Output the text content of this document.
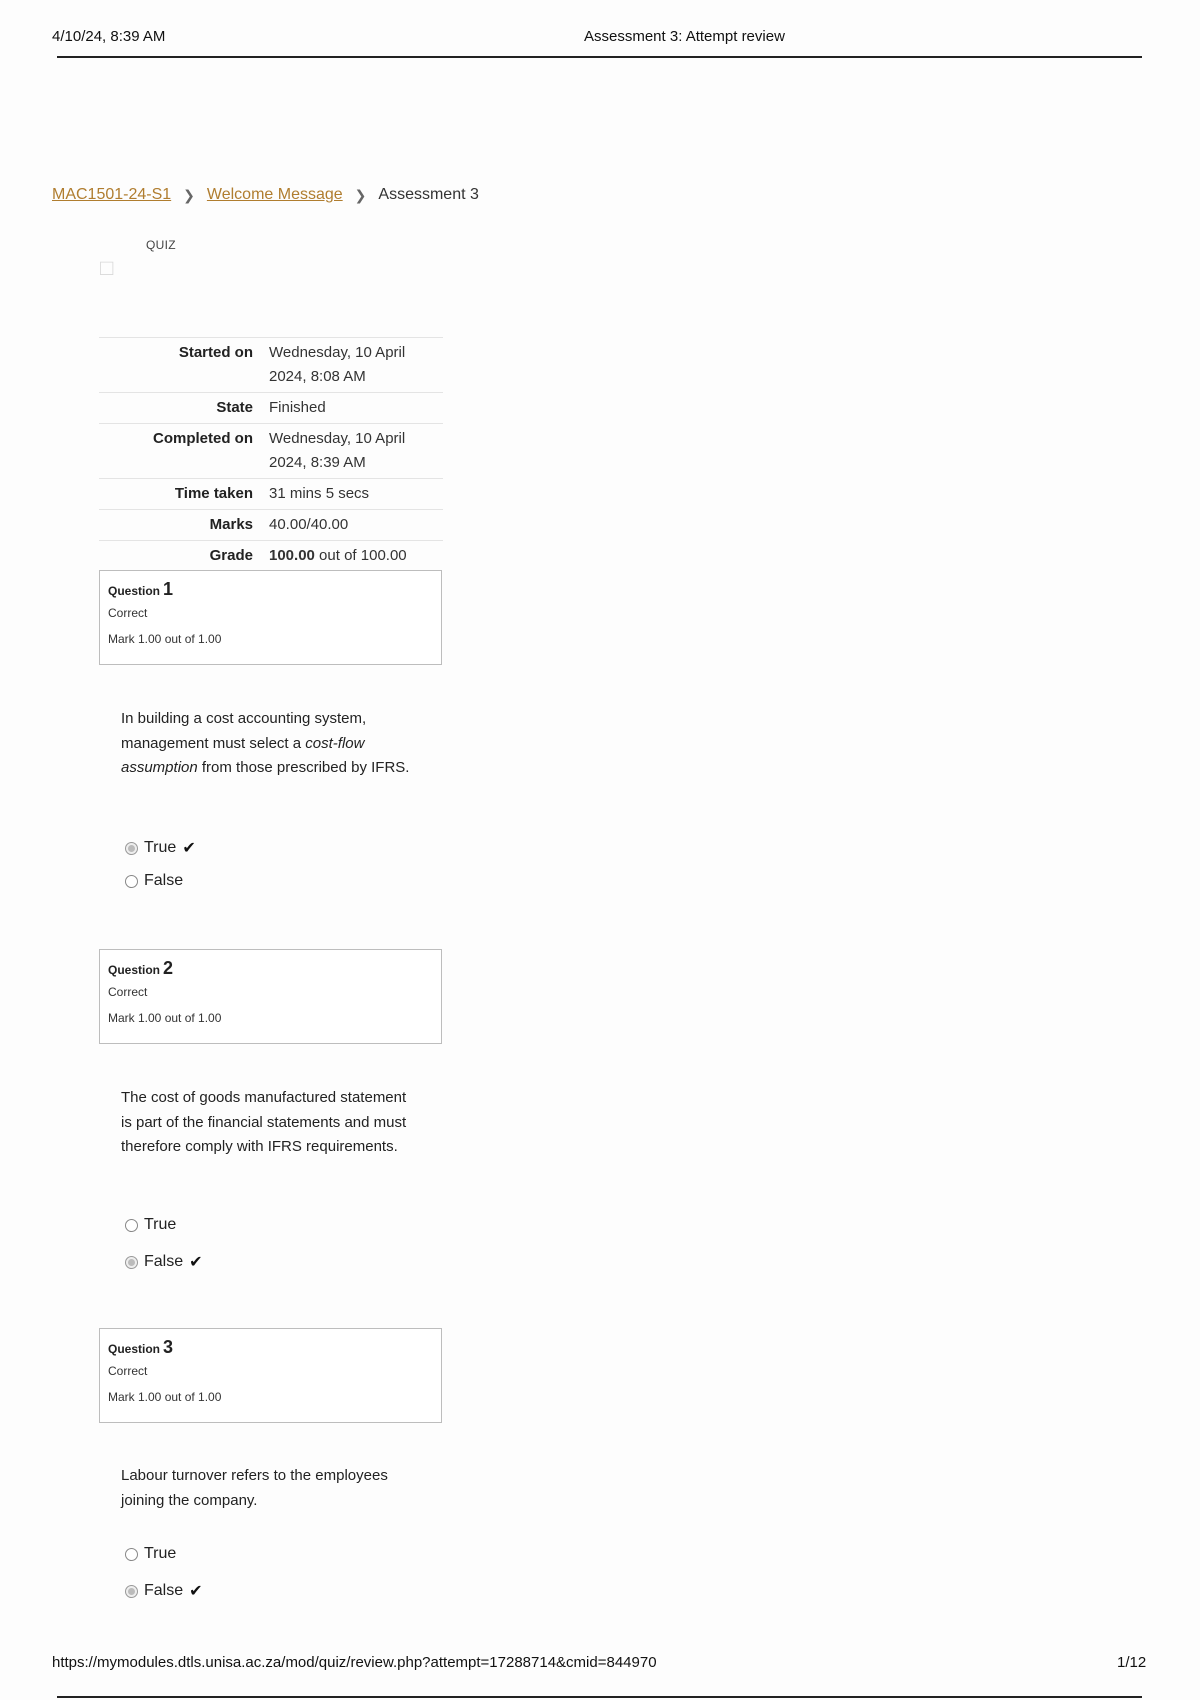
4/10/24, 8:39 AM	Assessment 3: Attempt review
MAC1501-24-S1 ❯ Welcome Message ❯ Assessment 3
QUIZ
□
Started on	Wednesday, 10 April
2024, 8:08 AM
State	Finished
Completed on	Wednesday, 10 April
2024, 8:39 AM
Time taken	31 mins 5 secs
Marks	40.00/40.00
Grade	100.00 out of 100.00
Question 1
Correct
Mark 1.00 out of 1.00
In building a cost accounting system, management must select a cost-flow assumption from those prescribed by IFRS.
True ✔
False
Question 2
Correct
Mark 1.00 out of 1.00
The cost of goods manufactured statement is part of the financial statements and must therefore comply with IFRS requirements.
True
False ✔
Question 3
Correct
Mark 1.00 out of 1.00
Labour turnover refers to the employees joining the company.
True
False ✔
https://mymodules.dtls.unisa.ac.za/mod/quiz/review.php?attempt=17288714&cmid=844970	1/12
